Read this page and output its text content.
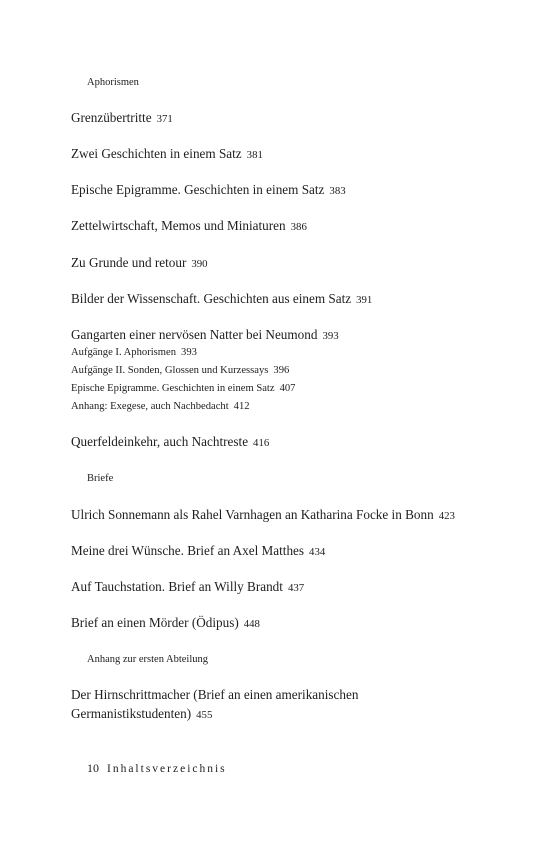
Aphorismen
Grenzübertritte 371
Zwei Geschichten in einem Satz 381
Epische Epigramme. Geschichten in einem Satz 383
Zettelwirtschaft, Memos und Miniaturen 386
Zu Grunde und retour 390
Bilder der Wissenschaft. Geschichten aus einem Satz 391
Gangarten einer nervösen Natter bei Neumond 393
Aufgänge I. Aphorismen 393
Aufgänge II. Sonden, Glossen und Kurzessays 396
Epische Epigramme. Geschichten in einem Satz 407
Anhang: Exegese, auch Nachbedacht 412
Querfeldeinkehr, auch Nachtreste 416
Briefe
Ulrich Sonnemann als Rahel Varnhagen an Katharina Focke in Bonn 423
Meine drei Wünsche. Brief an Axel Matthes 434
Auf Tauchstation. Brief an Willy Brandt 437
Brief an einen Mörder (Ödipus) 448
Anhang zur ersten Abteilung
Der Hirnschrittmacher (Brief an einen amerikanischen
Germanistikstudenten) 455
10 Inhaltsverzeichnis
